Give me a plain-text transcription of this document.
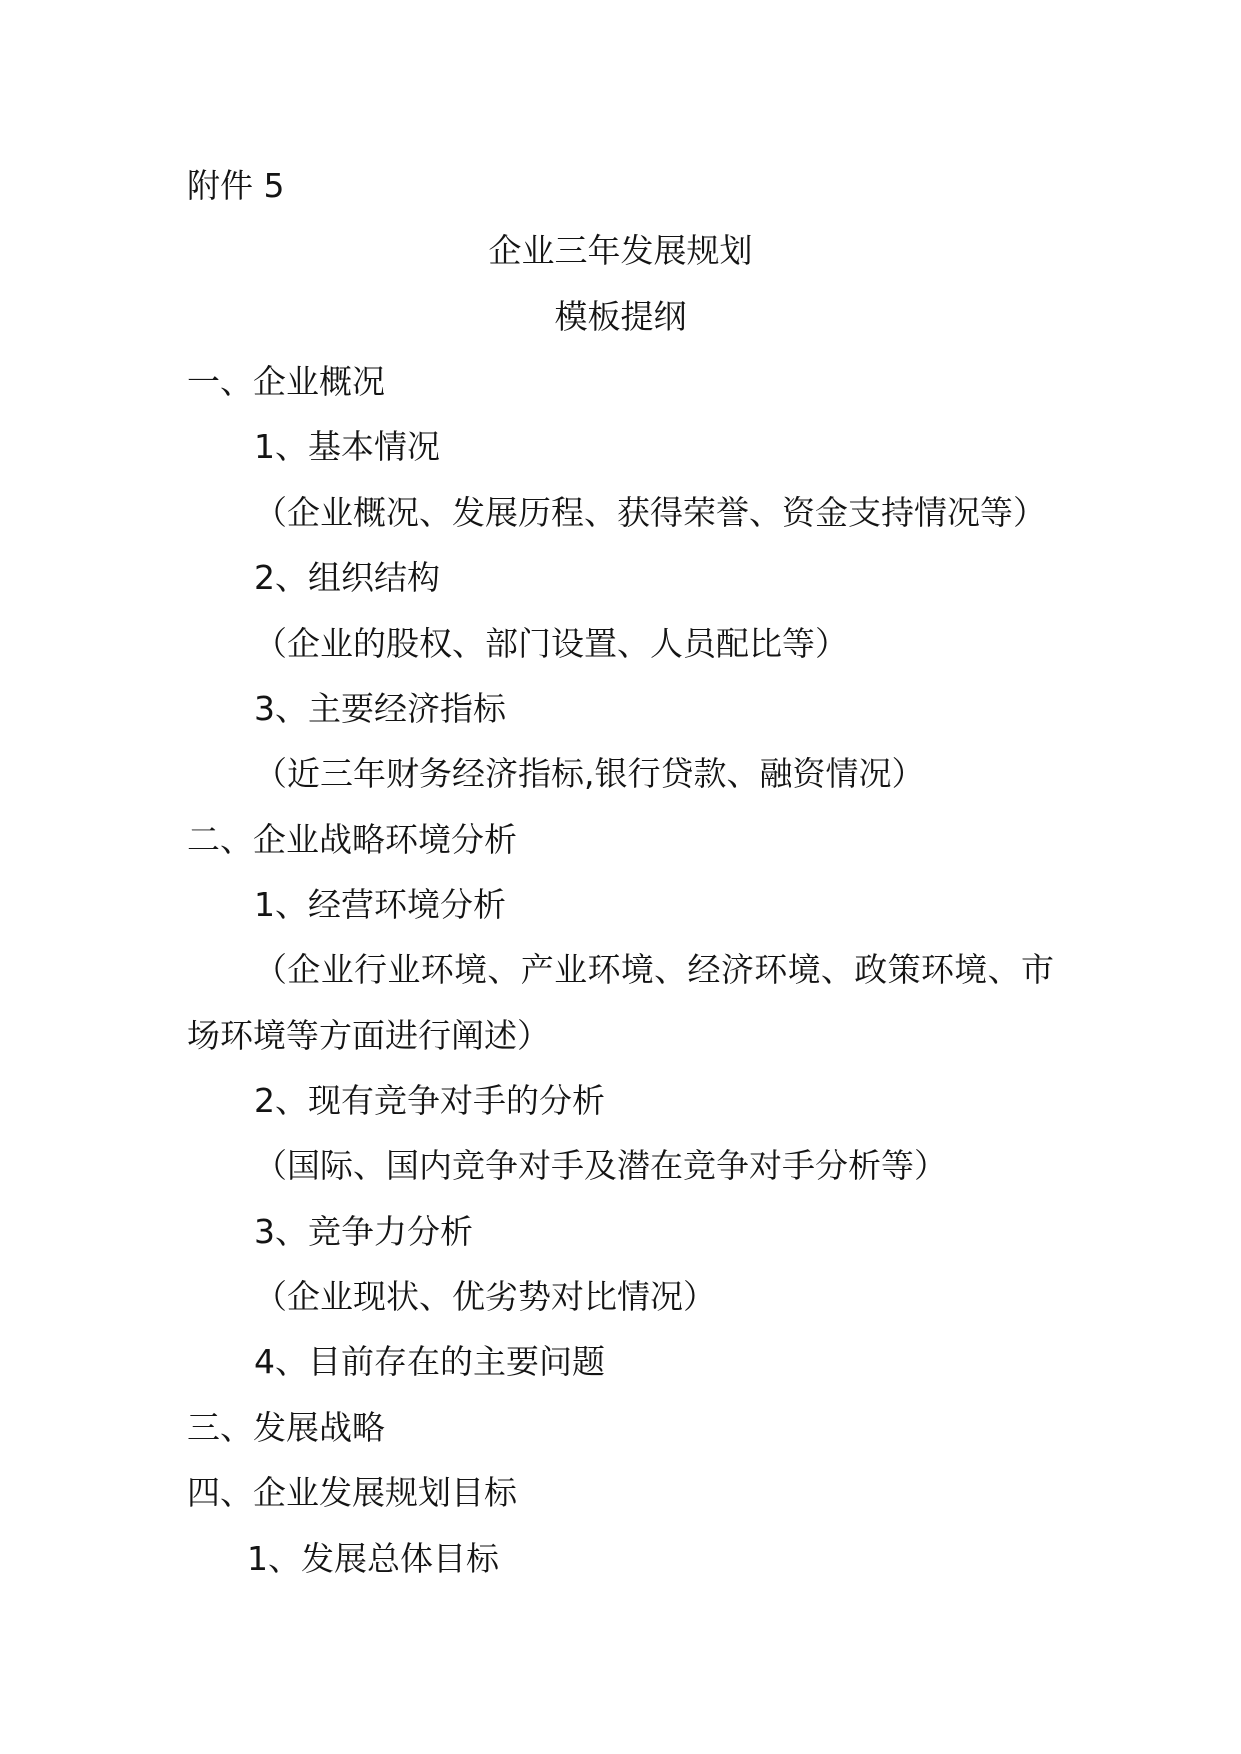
附件 5
企业三年发展规划
模板提纲
一、企业概况
1、基本情况
（企业概况、发展历程、获得荣誉、资金支持情况等）
2、组织结构
（企业的股权、部门设置、人员配比等）
3、主要经济指标
（近三年财务经济指标,银行贷款、融资情况）
二、企业战略环境分析
1、经营环境分析
（企业行业环境、产业环境、经济环境、政策环境、市
场环境等方面进行阐述）
2、现有竞争对手的分析
（国际、国内竞争对手及潜在竞争对手分析等）
3、竞争力分析
（企业现状、优劣势对比情况）
4、目前存在的主要问题
三、发展战略
四、企业发展规划目标
1、发展总体目标
